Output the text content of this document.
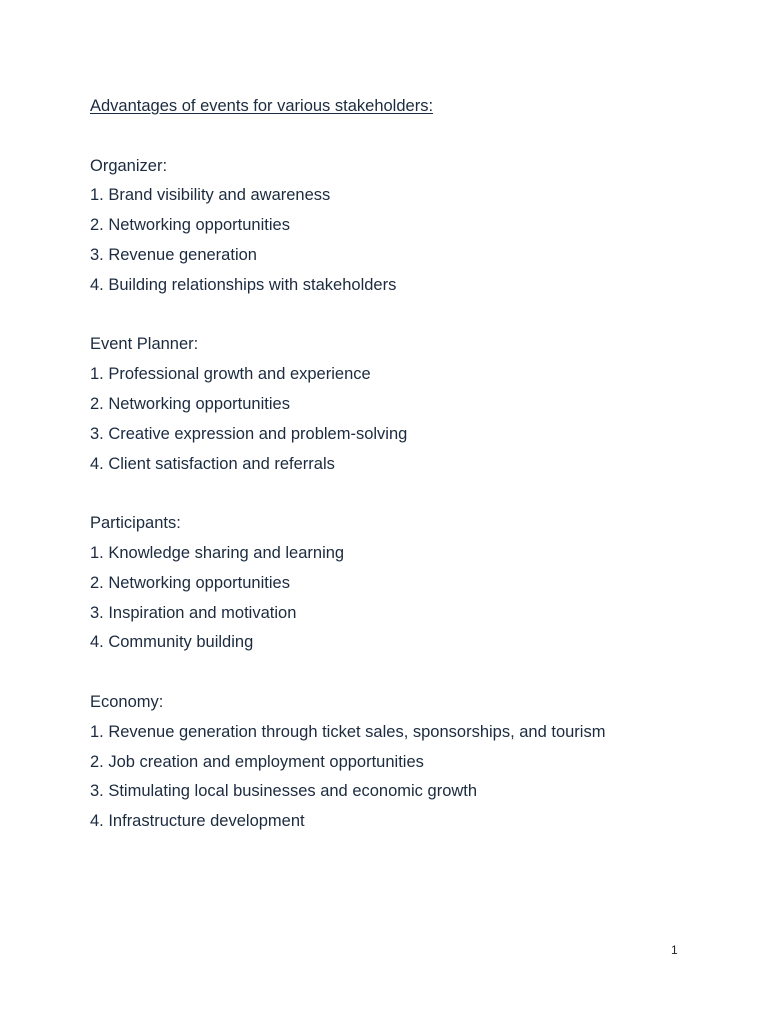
Advantages of events for various stakeholders:
Organizer:
1. Brand visibility and awareness
2. Networking opportunities
3. Revenue generation
4. Building relationships with stakeholders
Event Planner:
1. Professional growth and experience
2. Networking opportunities
3. Creative expression and problem-solving
4. Client satisfaction and referrals
Participants:
1. Knowledge sharing and learning
2. Networking opportunities
3. Inspiration and motivation
4. Community building
Economy:
1. Revenue generation through ticket sales, sponsorships, and tourism
2. Job creation and employment opportunities
3. Stimulating local businesses and economic growth
4. Infrastructure development
1
